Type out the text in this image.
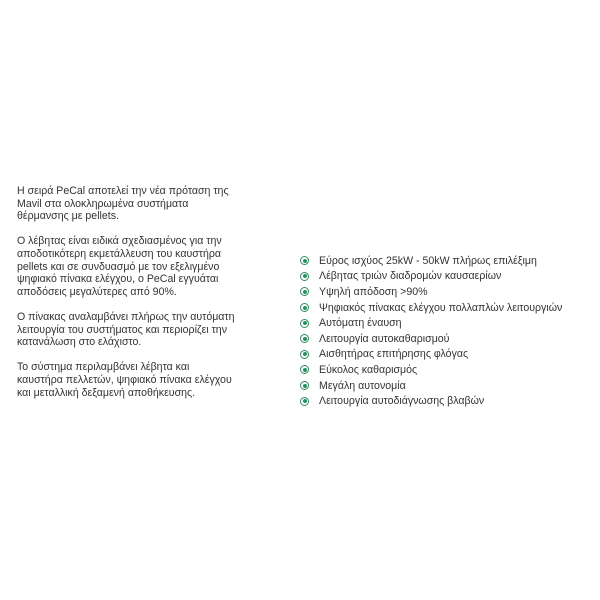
Η σειρά PeCal αποτελεί την νέα πρόταση της
Mavil στα ολοκληρωμένα συστήματα
θέρμανσης με pellets.

Ο λέβητας είναι ειδικά σχεδιασμένος για την
αποδοτικότερη εκμετάλλευση του καυστήρα
pellets και σε συνδυασμό με τον εξελιγμένο
ψηφιακό πίνακα ελέγχου, ο PeCal εγγυάται
αποδόσεις μεγαλύτερες από 90%.

Ο πίνακας αναλαμβάνει πλήρως την αυτόματη
λειτουργία του συστήματος και περιορίζει την
κατανάλωση στο ελάχιστο.

Το σύστημα περιλαμβάνει λέβητα και
καυστήρα πελλετών, ψηφιακό πίνακα ελέγχου
και μεταλλική δεξαμενή αποθήκευσης.

Εύρος ισχύος 25kW - 50kW πλήρως επιλέξιμη
Λέβητας τριών διαδρομών καυσαερίων
Υψηλή απόδοση >90%
Ψηφιακός πίνακας ελέγχου πολλαπλών λειτουργιών
Αυτόματη έναυση
Λειτουργία αυτοκαθαρισμού
Αισθητήρας επιτήρησης φλόγας
Εύκολος καθαρισμός
Μεγάλη αυτονομία
Λειτουργία αυτοδιάγνωσης βλαβών
